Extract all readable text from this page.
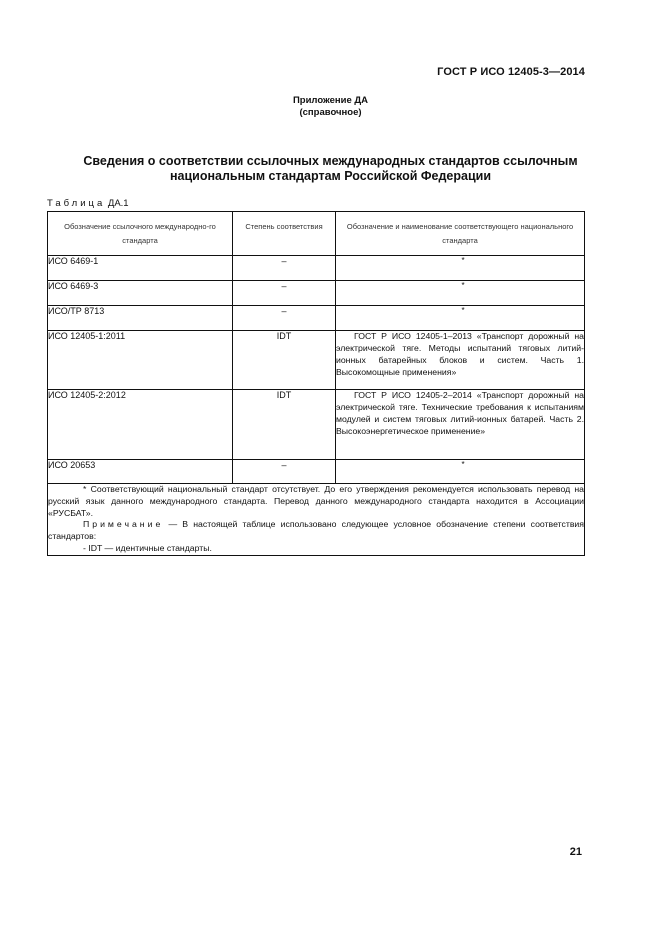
ГОСТ Р ИСО 12405-3—2014
Приложение ДА
(справочное)
Сведения о соответствии ссылочных международных стандартов ссылочным
национальным стандартам Российской Федерации
Таблица ДА.1
Обозначение ссылочного международно-го стандарта	Степень соответствия	Обозначение и наименование соответствующего национального стандарта
ИСО 6469-1	–	*
ИСО 6469-3	–	*
ИСО/ТР 8713	–	*
ИСО 12405-1:2011	IDT	ГОСТ Р ИСО 12405-1–2013 «Транспорт дорожный на электрической тяге. Методы испытаний тяговых литий-ионных батарейных блоков и систем. Часть 1. Высокомощные применения»

ИСО 12405-2:2012	IDT	ГОСТ Р ИСО 12405-2–2014 «Транспорт дорожный на электрической тяге. Технические требования к испытаниям модулей и систем тяговых литий-ионных батарей. Часть 2. Высокоэнергетическое применение»

ИСО 20653	–	*

* Соответствующий национальный стандарт отсутствует. До его утверждения рекомендуется использовать перевод на русский язык данного международного стандарта. Перевод данного международного стандарта находится в Ассоциации «РУСБАТ».

Примечание — В настоящей таблице использовано следующее условное обозначение степени соответствия стандартов:

- IDT — идентичные стандарты.		

21
